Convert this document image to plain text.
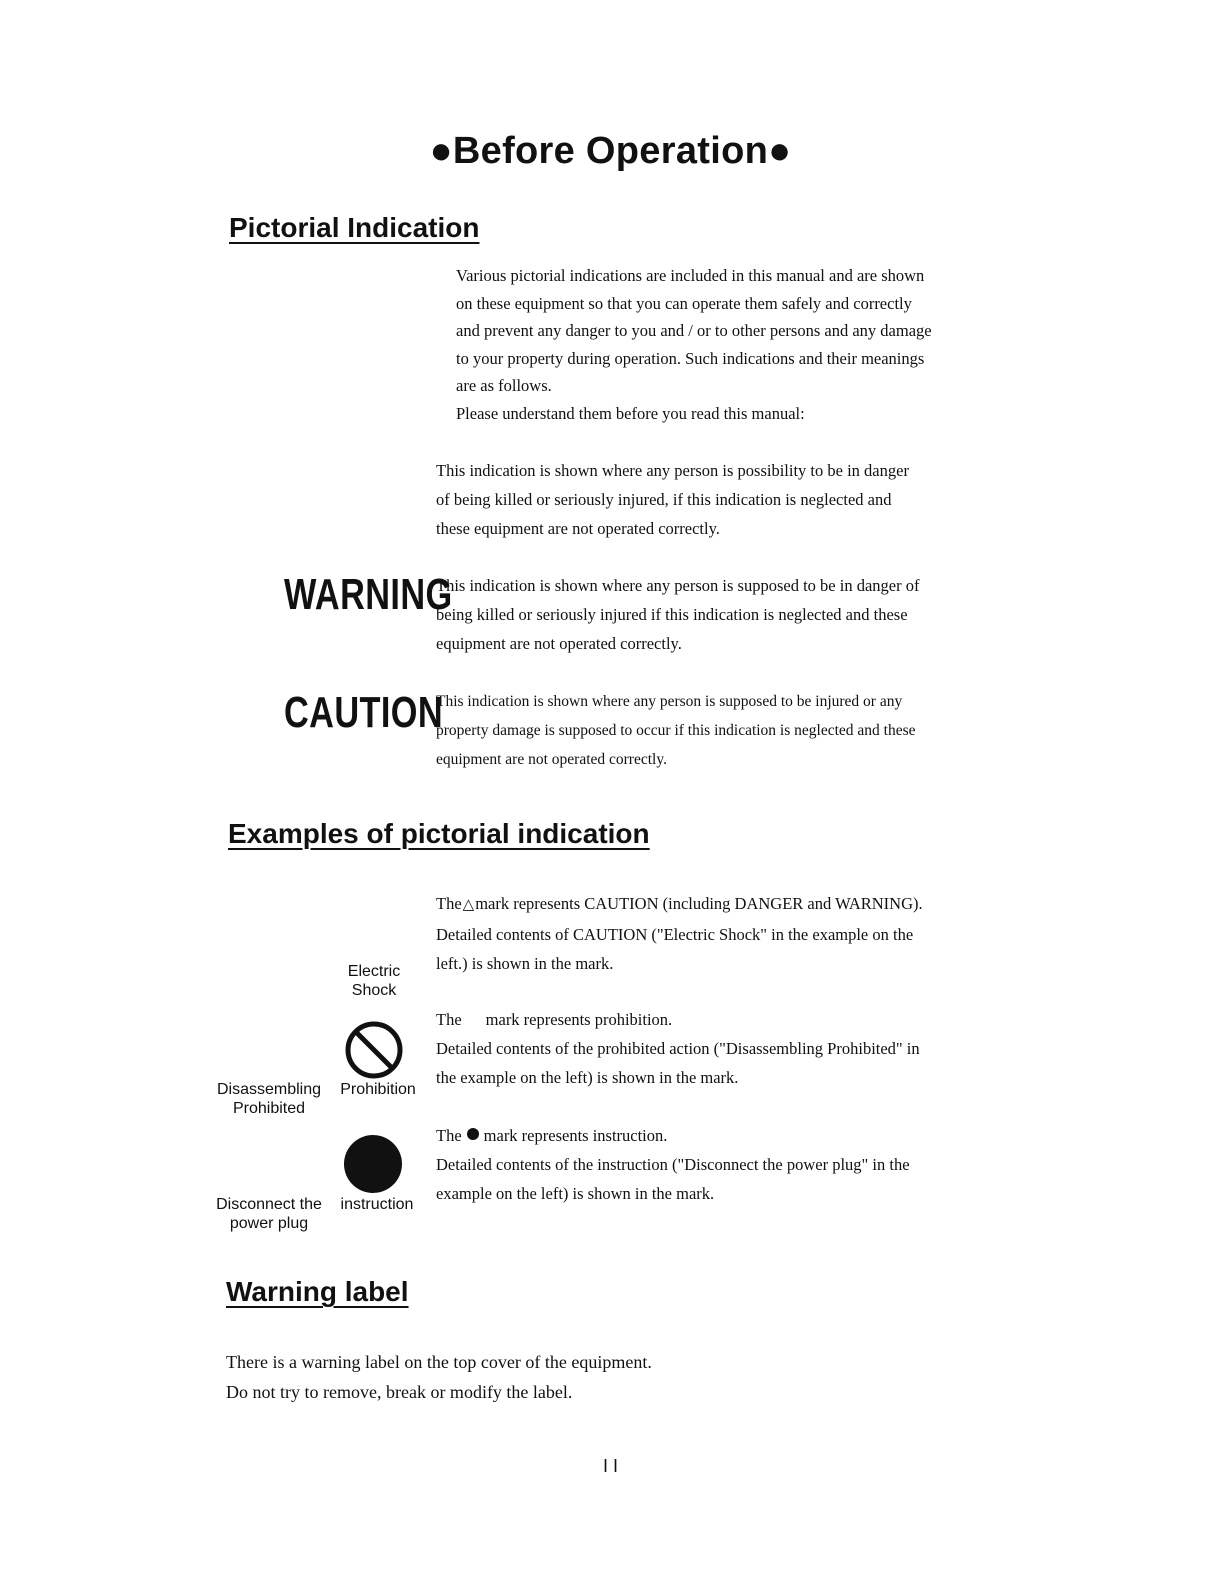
●Before Operation●
Pictorial Indication
Various pictorial indications are included in this manual and are shown
on these equipment so that you can operate them safely and correctly
and prevent any danger to you and / or to other persons and any damage
to your property during operation. Such indications and their meanings
are as follows.
Please understand them before you read this manual:
This indication is shown where any person is possibility to be in danger
of being killed or seriously injured, if this indication is neglected and
these equipment are not operated correctly.
WARNING
This indication is shown where any person is supposed to be in danger of
being killed or seriously injured if this indication is neglected and these
equipment are not operated correctly.
CAUTION
This indication is shown where any person is supposed to be injured or any
property damage is supposed to occur if this indication is neglected and these
equipment are not operated correctly.
Examples of pictorial indication
Electric
Shock
The△mark represents CAUTION (including DANGER and WARNING).
Detailed contents of CAUTION ("Electric Shock" in the example on the
left.) is shown in the mark.
Prohibition
Disassembling
Prohibited
The mark represents prohibition.
Detailed contents of the prohibited action ("Disassembling Prohibited" in
the example on the left) is shown in the mark.
instruction
Disconnect the
power plug
The mark represents instruction.
Detailed contents of the instruction ("Disconnect the power plug" in the
example on the left) is shown in the mark.
Warning label
There is a warning label on the top cover of the equipment.
Do not try to remove, break or modify the label.
I I
